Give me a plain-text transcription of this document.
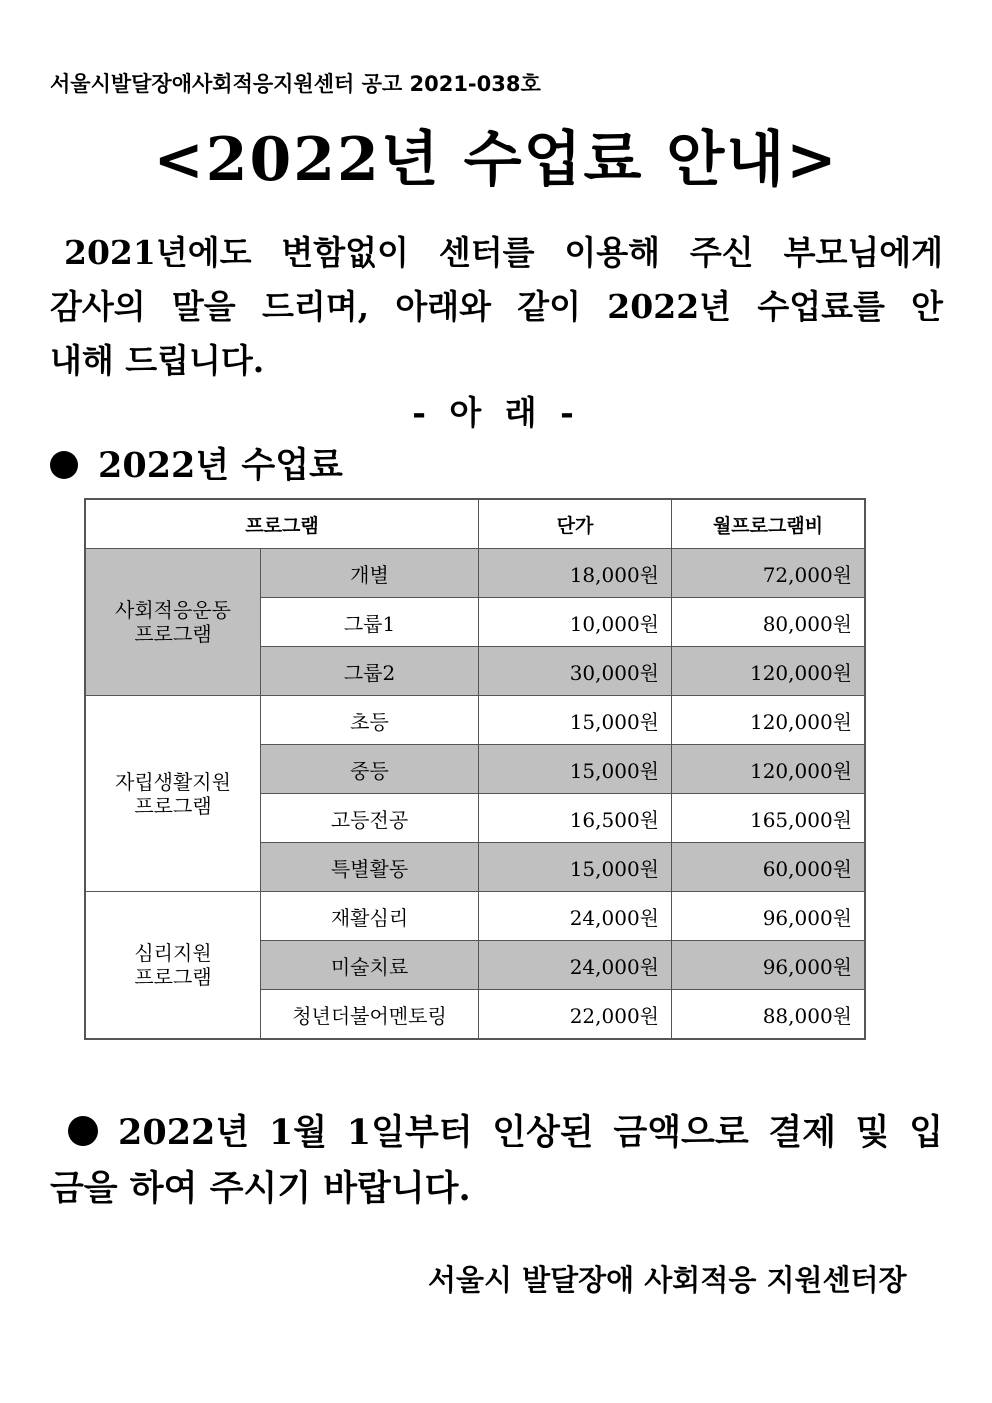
서울시발달장애사회적응지원센터 공고 2021-038호
<2022년 수업료 안내>
2021년에도 변함없이 센터를 이용해 주신 부모님에게
감사의 말을 드리며, 아래와 같이 2022년 수업료를 안
내해 드립니다.
- 아 래 -
2022년 수업료
프로그램		단가	월프로그램비

사회적응운동
프로그램	개별	18,000원	72,000원
	그룹1	10,000원	80,000원
	그룹2	30,000원	120,000원

자립생활지원
프로그램	초등	15,000원	120,000원
	중등	15,000원	120,000원
	고등전공	16,500원	165,000원
	특별활동	15,000원	60,000원

심리지원
프로그램	재활심리	24,000원	96,000원
	미술치료	24,000원	96,000원
	청년더불어멘토링	22,000원	88,000원
2022년 1월 1일부터 인상된 금액으로 결제 및 입
금을 하여 주시기 바랍니다.
서울시 발달장애 사회적응 지원센터장
